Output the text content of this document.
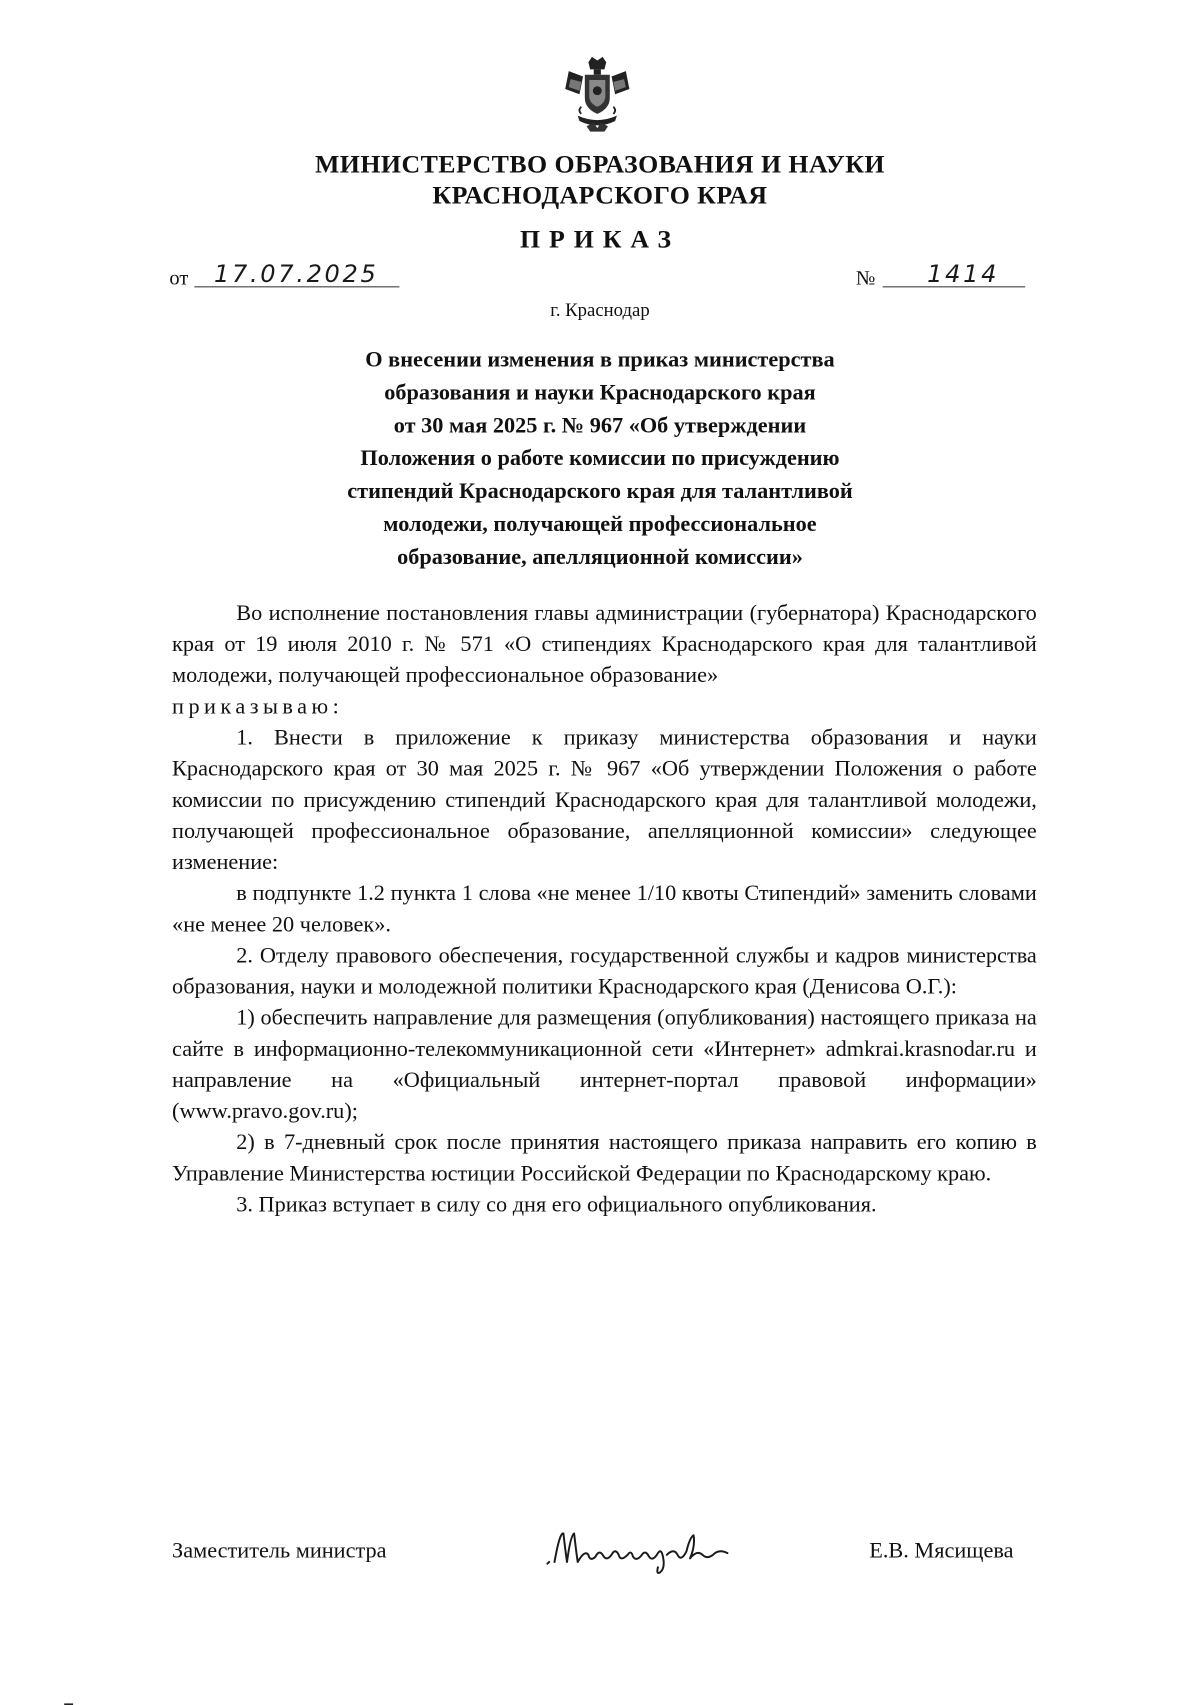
МИНИСТЕРСТВО ОБРАЗОВАНИЯ И НАУКИ
КРАСНОДАРСКОГО КРАЯ
ПРИКАЗ
от 17.07.2025	№ 1414
г. Краснодар
О внесении изменения в приказ министерства
образования и науки Краснодарского края
от 30 мая 2025 г. № 967 «Об утверждении
Положения о работе комиссии по присуждению
стипендий Краснодарского края для талантливой
молодежи, получающей профессиональное
образование, апелляционной комиссии»
Во исполнение постановления главы администрации (губернатора) Краснодарского края от 19 июля 2010 г. № 571 «О стипендиях Краснодарского края для талантливой молодежи, получающей профессиональное образование»
приказываю:
1. Внести в приложение к приказу министерства образования и науки Краснодарского края от 30 мая 2025 г. № 967 «Об утверждении Положения о работе комиссии по присуждению стипендий Краснодарского края для талантливой молодежи, получающей профессиональное образование, апелляционной комиссии» следующее изменение:
в подпункте 1.2 пункта 1 слова «не менее 1/10 квоты Стипендий» заменить словами «не менее 20 человек».
2. Отделу правового обеспечения, государственной службы и кадров министерства образования, науки и молодежной политики Краснодарского края (Денисова О.Г.):
1) обеспечить направление для размещения (опубликования) настоящего приказа на сайте в информационно-телекоммуникационной сети «Интернет» admkrai.krasnodar.ru и направление на «Официальный интернет-портал правовой информации» (www.pravo.gov.ru);
2) в 7-дневный срок после принятия настоящего приказа направить его копию в Управление Министерства юстиции Российской Федерации по Краснодарскому краю.
3. Приказ вступает в силу со дня его официального опубликования.
Заместитель министра	Е.В. Мясищева
